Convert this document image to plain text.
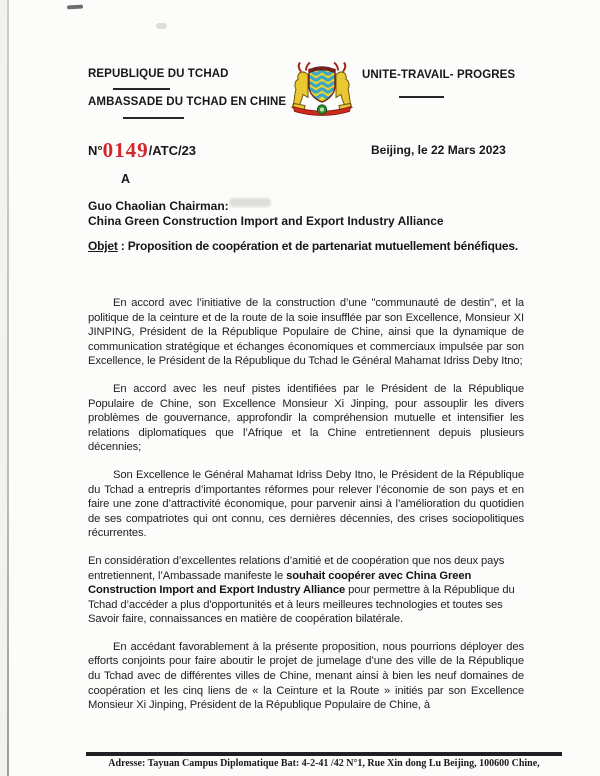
REPUBLIQUE DU TCHAD
AMBASSADE DU TCHAD EN CHINE
UNITE-TRAVAIL- PROGRES
N°0149/ATC/23	Beijing, le 22 Mars 2023
A
Guo Chaolian Chairman:
China Green Construction Import and Export Industry Alliance
Objet : Proposition de coopération et de partenariat mutuellement bénéfiques.

En accord avec l’initiative de la construction d’une "communauté de destin", et la politique de la ceinture et de la route de la soie insufflée par son Excellence, Monsieur XI JINPING, Président de la République Populaire de Chine, ainsi que la dynamique de communication stratégique et échanges économiques et commerciaux impulsée par son Excellence, le Président de la République du Tchad le Général Mahamat Idriss Deby Itno;

En accord avec les neuf pistes identifiées par le Président de la République Populaire de Chine, son Excellence Monsieur Xi Jinping, pour assouplir les divers problèmes de gouvernance, approfondir la compréhension mutuelle et intensifier les relations diplomatiques que l’Afrique et la Chine entretiennent depuis plusieurs décennies;

Son Excellence le Général Mahamat Idriss Deby Itno, le Président de la République du Tchad a entrepris d’importantes réformes pour relever l’économie de son pays et en faire une zone d’attractivité économique, pour parvenir ainsi à l’amélioration du quotidien de ses compatriotes qui ont connu, ces dernières décennies, des crises sociopolitiques récurrentes.

En considération d’excellentes relations d’amitié et de coopération que nos deux pays entretiennent, l’Ambassade manifeste le souhait coopérer avec China Green Construction Import and Export Industry Alliance pour permettre à la République du Tchad d’accéder a plus d'opportunités et à leurs meilleures technologies et toutes ses Savoir faire, connaissances en matière de coopération bilatérale.

En accédant favorablement à la présente proposition, nous pourrions déployer des efforts conjoints pour faire aboutir le projet de jumelage d’une des ville de la République du Tchad avec de différentes villes de Chine, menant ainsi à bien les neuf domaines de coopération et les cinq liens de « la Ceinture et la Route » initiés par son Excellence Monsieur Xi Jinping, Président de la République Populaire de Chine, à

Adresse: Tayuan Campus Diplomatique Bat: 4-2-41 /42 N°1, Rue Xin dong Lu Beijing, 100600 Chine,
